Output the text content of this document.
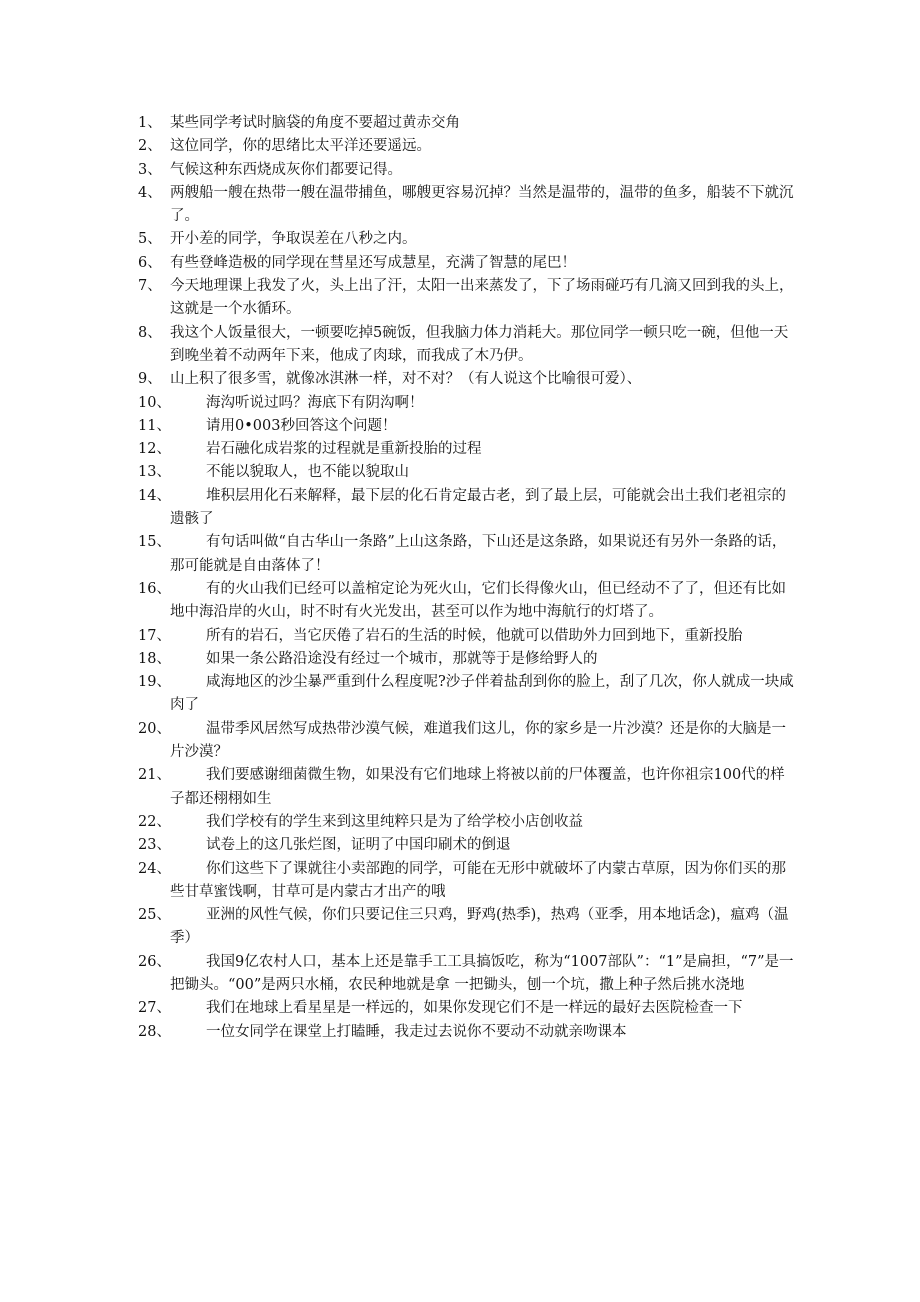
1、 某些同学考试时脑袋的角度不要超过黄赤交角
2、 这位同学，你的思绪比太平洋还要遥远。
3、 气候这种东西烧成灰你们都要记得。
4、 两艘船一艘在热带一艘在温带捕鱼，哪艘更容易沉掉？当然是温带的，温带的鱼多，船装不下就沉了。
5、 开小差的同学，争取误差在八秒之内。
6、 有些登峰造极的同学现在彗星还写成慧星，充满了智慧的尾巴！
7、 今天地理课上我发了火，头上出了汗，太阳一出来蒸发了，下了场雨碰巧有几滴又回到我的头上，这就是一个水循环。
8、 我这个人饭量很大，一顿要吃掉5碗饭，但我脑力体力消耗大。那位同学一顿只吃一碗，但他一天到晚坐着不动两年下来，他成了肉球，而我成了木乃伊。
9、 山上积了很多雪，就像冰淇淋一样，对不对？（有人说这个比喻很可爱）、
10、	海沟听说过吗？海底下有阴沟啊！
11、	请用0•003秒回答这个问题！
12、	岩石融化成岩浆的过程就是重新投胎的过程
13、	不能以貌取人，也不能以貌取山
14、	堆积层用化石来解释，最下层的化石肯定最古老，到了最上层，可能就会出土我们老祖宗的遗骸了
15、	有句话叫做“自古华山一条路”上山这条路，下山还是这条路，如果说还有另外一条路的话，那可能就是自由落体了！
16、	有的火山我们已经可以盖棺定论为死火山，它们长得像火山，但已经动不了了，但还有比如地中海沿岸的火山，时不时有火光发出，甚至可以作为地中海航行的灯塔了。
17、	所有的岩石，当它厌倦了岩石的生活的时候，他就可以借助外力回到地下，重新投胎
18、	如果一条公路沿途没有经过一个城市，那就等于是修给野人的
19、	咸海地区的沙尘暴严重到什么程度呢?沙子伴着盐刮到你的脸上，刮了几次，你人就成一块咸肉了
20、	温带季风居然写成热带沙漠气候，难道我们这儿，你的家乡是一片沙漠？还是你的大脑是一片沙漠？
21、	我们要感谢细菌微生物，如果没有它们地球上将被以前的尸体覆盖，也许你祖宗100代的样子都还栩栩如生
22、	我们学校有的学生来到这里纯粹只是为了给学校小店创收益
23、	试卷上的这几张烂图，证明了中国印刷术的倒退
24、	你们这些下了课就往小卖部跑的同学，可能在无形中就破坏了内蒙古草原，因为你们买的那些甘草蜜饯啊，甘草可是内蒙古才出产的哦
25、	亚洲的风性气候，你们只要记住三只鸡，野鸡(热季)，热鸡（亚季，用本地话念)，瘟鸡（温季）
26、	我国9亿农村人口，基本上还是靠手工工具搞饭吃，称为“1007部队”：“1”是扁担，“7”是一把锄头。“00”是两只水桶，农民种地就是拿 一把锄头，刨一个坑，撒上种子然后挑水浇地
27、	我们在地球上看星星是一样远的，如果你发现它们不是一样远的最好去医院检查一下
28、	一位女同学在课堂上打瞌睡，我走过去说你不要动不动就亲吻课本
